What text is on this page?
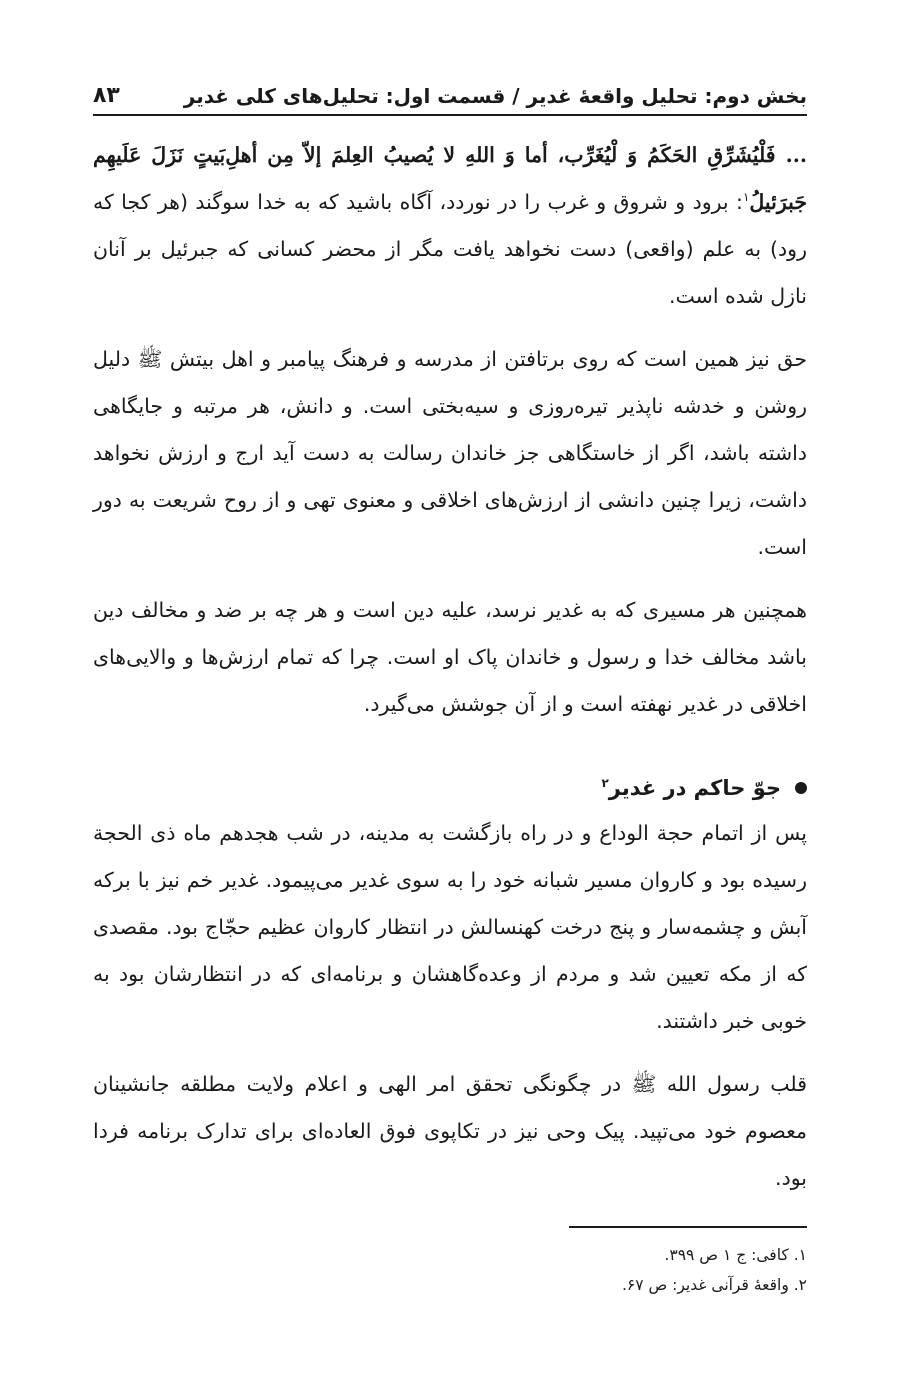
بخش دوم: تحلیل واقعهٔ غدیر / قسمت اول: تحلیل‌های کلی غدیر
۸۳

... فَلْيُشَرِّقِ الحَكَمُ وَ لْيُغَرِّب، أما وَ اللهِ لا يُصيبُ العِلمَ إلاّ مِن أهلِ‌بَيتٍ نَزَلَ عَلَيهِم جَبرَئيلُ$^۱$: برود و شروق و غرب را در نوردد، آگاه باشید که به خدا سوگند (هر کجا که رود) به علم (واقعی) دست نخواهد یافت مگر از محضر کسانی که جبرئیل بر آنان نازل شده است.

حق نیز همین است که روی برتافتن از مدرسه و فرهنگ پیامبر و اهل بیتش ﷺ دلیل روشن و خدشه ناپذیر تیره‌روزی و سیه‌بختی است. و دانش، هر مرتبه و جایگاهی داشته باشد، اگر از خاستگاهی جز خاندان رسالت به دست آید ارج و ارزش نخواهد داشت، زیرا چنین دانشی از ارزش‌های اخلاقی و معنوی تهی و از روح شریعت به دور است.

همچنین هر مسیری که به غدیر نرسد، علیه دین است و هر چه بر ضد و مخالف دین باشد مخالف خدا و رسول و خاندان پاک او است. چرا که تمام ارزش‌ها و والایی‌های اخلاقی در غدیر نهفته است و از آن جوشش می‌گیرد.

جوّ حاکم در غدیر$^۲$

پس از اتمام حجة الوداع و در راه بازگشت به مدینه، در شب هجدهم ماه ذی الحجة رسیده بود و کاروان مسیر شبانه خود را به سوی غدیر می‌پیمود. غدیر خم نیز با برکه آبش و چشمه‌سار و پنج درخت کهنسالش در انتظار کاروان عظیم حجّاج بود. مقصدی که از مکه تعیین شد و مردم از وعده‌گاهشان و برنامه‌ای که در انتظارشان بود به خوبی خبر داشتند.

قلب رسول الله ﷺ در چگونگی تحقق امر الهی و اعلام ولایت مطلقه جانشینان معصوم خود می‌تپید. پیک وحی نیز در تکاپوی فوق العاده‌ای برای تدارک برنامه فردا بود.

۱. کافی: ج ۱ ص ۳۹۹.

۲. واقعهٔ قرآنی غدیر: ص ۶۷.
